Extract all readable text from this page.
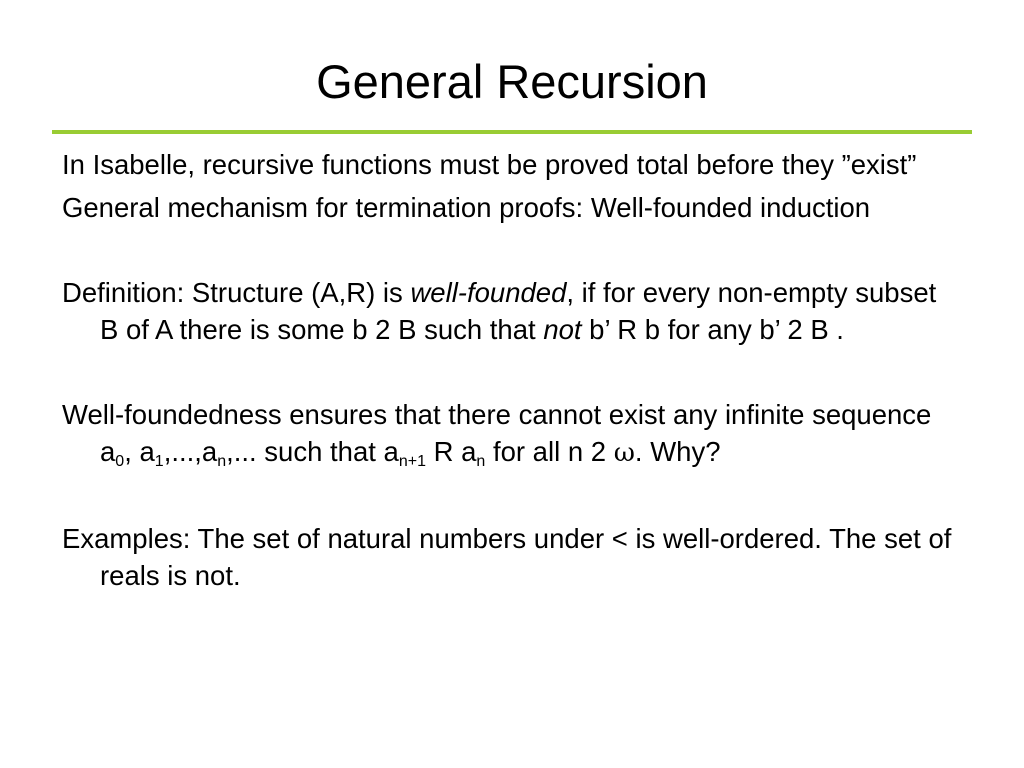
General Recursion

In Isabelle, recursive functions must be proved total before they ”exist”

General mechanism for termination proofs: Well-founded induction

Definition: Structure (A,R) is well-founded, if for every non-empty subset B of A there is some b 2 B such that not b’ R b for any b’ 2 B .

Well-foundedness ensures that there cannot exist any infinite sequence $a_0$, $a_1,...,a_n$,... such that $a_{n+1}$ R $a_n$ for all n 2 ω. Why?

Examples: The set of natural numbers under < is well-ordered. The set of reals is not.
